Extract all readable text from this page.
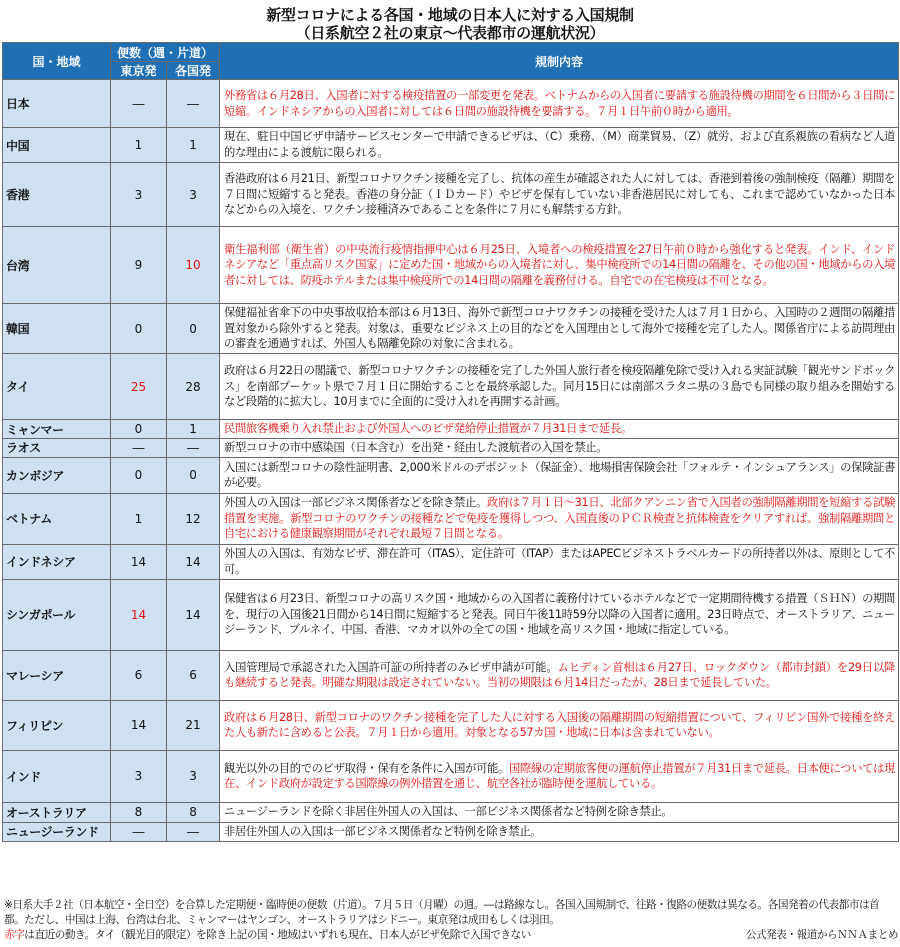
新型コロナによる各国・地域の日本人に対する入国規制
（日系航空２社の東京〜代表都市の運航状況）
国・地域	便数（週・片道）		規制内容
	東京発	各国発	
日本	―	―	外務省は６月28日、入国者に対する検疫措置の一部変更を発表。ベトナムからの入国者に要請する施設待機の期間を６日間から３日間に短縮。インドネシアからの入国者に対しては６日間の施設待機を要請する。７月１日午前０時から適用。
中国	1	1	現在、駐日中国ビザ申請サービスセンターで申請できるビザは、（C）乗務、（M）商業貿易、（Z）就労、および直系親族の看病など人道的な理由による渡航に限られる。
香港	3	3	香港政府は６月21日、新型コロナワクチン接種を完了し、抗体の産生が確認された人に対しては、香港到着後の強制検疫（隔離）期間を７日間に短縮すると発表。香港の身分証（ＩＤカード）やビザを保有していない非香港居民に対しても、これまで認めていなかった日本などからの入境を、ワクチン接種済みであることを条件に７月にも解禁する方針。
台湾	9	10	衛生福利部（衛生省）の中央流行疫情指揮中心は６月25日、入境者への検疫措置を27日午前０時から強化すると発表。インド、インドネシアなど「重点高リスク国家」に定めた国・地域からの入境者に対し、集中検疫所での14日間の隔離を、その他の国・地域からの入境者に対しては、防疫ホテルまたは集中検疫所での14日間の隔離を義務付ける。自宅での在宅検疫は不可となる。
韓国	0	0	保健福祉省傘下の中央事故収拾本部は６月13日、海外で新型コロナワクチンの接種を受けた人は７月１日から、入国時の２週間の隔離措置対象から除外すると発表。対象は、重要なビジネス上の目的などを入国理由として海外で接種を完了した人。関係省庁による訪問理由の審査を通過すれば、外国人も隔離免除の対象に含まれる。
タイ	25	28	政府は６月22日の閣議で、新型コロナワクチンの接種を完了した外国人旅行者を検疫隔離免除で受け入れる実証試験「観光サンドボックス」を南部プーケット県で７月１日に開始することを最終承認した。同月15日には南部スラタニ県の３島でも同様の取り組みを開始するなど段階的に拡大し、10月までに全面的に受け入れを再開する計画。
ミャンマー	0	1	民間旅客機乗り入れ禁止および外国人へのビザ発給停止措置が７月31日まで延長。
ラオス	―	―	新型コロナの市中感染国（日本含む）を出発・経由した渡航者の入国を禁止。
カンボジア	0	0	入国には新型コロナの陰性証明書、2,000米ドルのデポジット（保証金）、地場損害保険会社「フォルテ・インシュアランス」の保険証書が必要。
ベトナム	1	12	外国人の入国は一部ビジネス関係者などを除き禁止。政府は７月１日〜31日、北部クアンニン省で入国者の強制隔離期間を短縮する試験措置を実施。新型コロナのワクチンの接種などで免疫を獲得しつつ、入国直後のＰＣＲ検査と抗体検査をクリアすれば、強制隔離期間と自宅における健康観察期間がそれぞれ最短７日間となる。
インドネシア	14	14	外国人の入国は、有効なビザ、滞在許可（ITAS）、定住許可（ITAP）またはAPECビジネストラベルカードの所持者以外は、原則として不可。
シンガポール	14	14	保健省は６月23日、新型コロナの高リスク国・地域からの入国者に義務付けているホテルなどで一定期間待機する措置（ＳＨＮ）の期間を、現行の入国後21日間から14日間に短縮すると発表。同日午後11時59分以降の入国者に適用。23日時点で、オーストラリア、ニュージーランド、ブルネイ、中国、香港、マカオ以外の全ての国・地域を高リスク国・地域に指定している。
マレーシア	6	6	入国管理局で承認された入国許可証の所持者のみビザ申請が可能。ムヒディン首相は６月27日、ロックダウン（都市封鎖）を29日以降も継続すると発表。明確な期限は設定されていない。当初の期限は６月14日だったが、28日まで延長していた。
フィリピン	14	21	政府は６月28日、新型コロナのワクチン接種を完了した人に対する入国後の隔離期間の短縮措置について、フィリピン国外で接種を終えた人も新たに含めると公表。７月１日から適用。対象となる57カ国・地域に日本は含まれていない。
インド	3	3	観光以外の目的でのビザ取得・保有を条件に入国が可能。国際線の定期旅客便の運航停止措置が７月31日まで延長。日本便については現在、インド政府が設定する国際線の例外措置を通じ、航空各社が臨時便を運航している。
オーストラリア	8	8	ニュージーランドを除く非居住外国人の入国は、一部ビジネス関係者など特例を除き禁止。
ニュージーランド	―	―	非居住外国人の入国は一部ビジネス関係者など特例を除き禁止。
※日系大手２社（日本航空・全日空）を合算した定期便・臨時便の便数（片道）。７月５日（月曜）の週。―は路線なし。各国入国規制で、往路・復路の便数は異なる。各国発着の代表都市は首都。ただし、中国は上海、台湾は台北、ミャンマーはヤンゴン、オーストラリアはシドニー。東京発は成田もしくは羽田。
赤字は直近の動き。タイ（観光目的限定）を除き上記の国・地域はいずれも現在、日本人がビザ免除で入国できない	公式発表・報道からＮＮＡまとめ
